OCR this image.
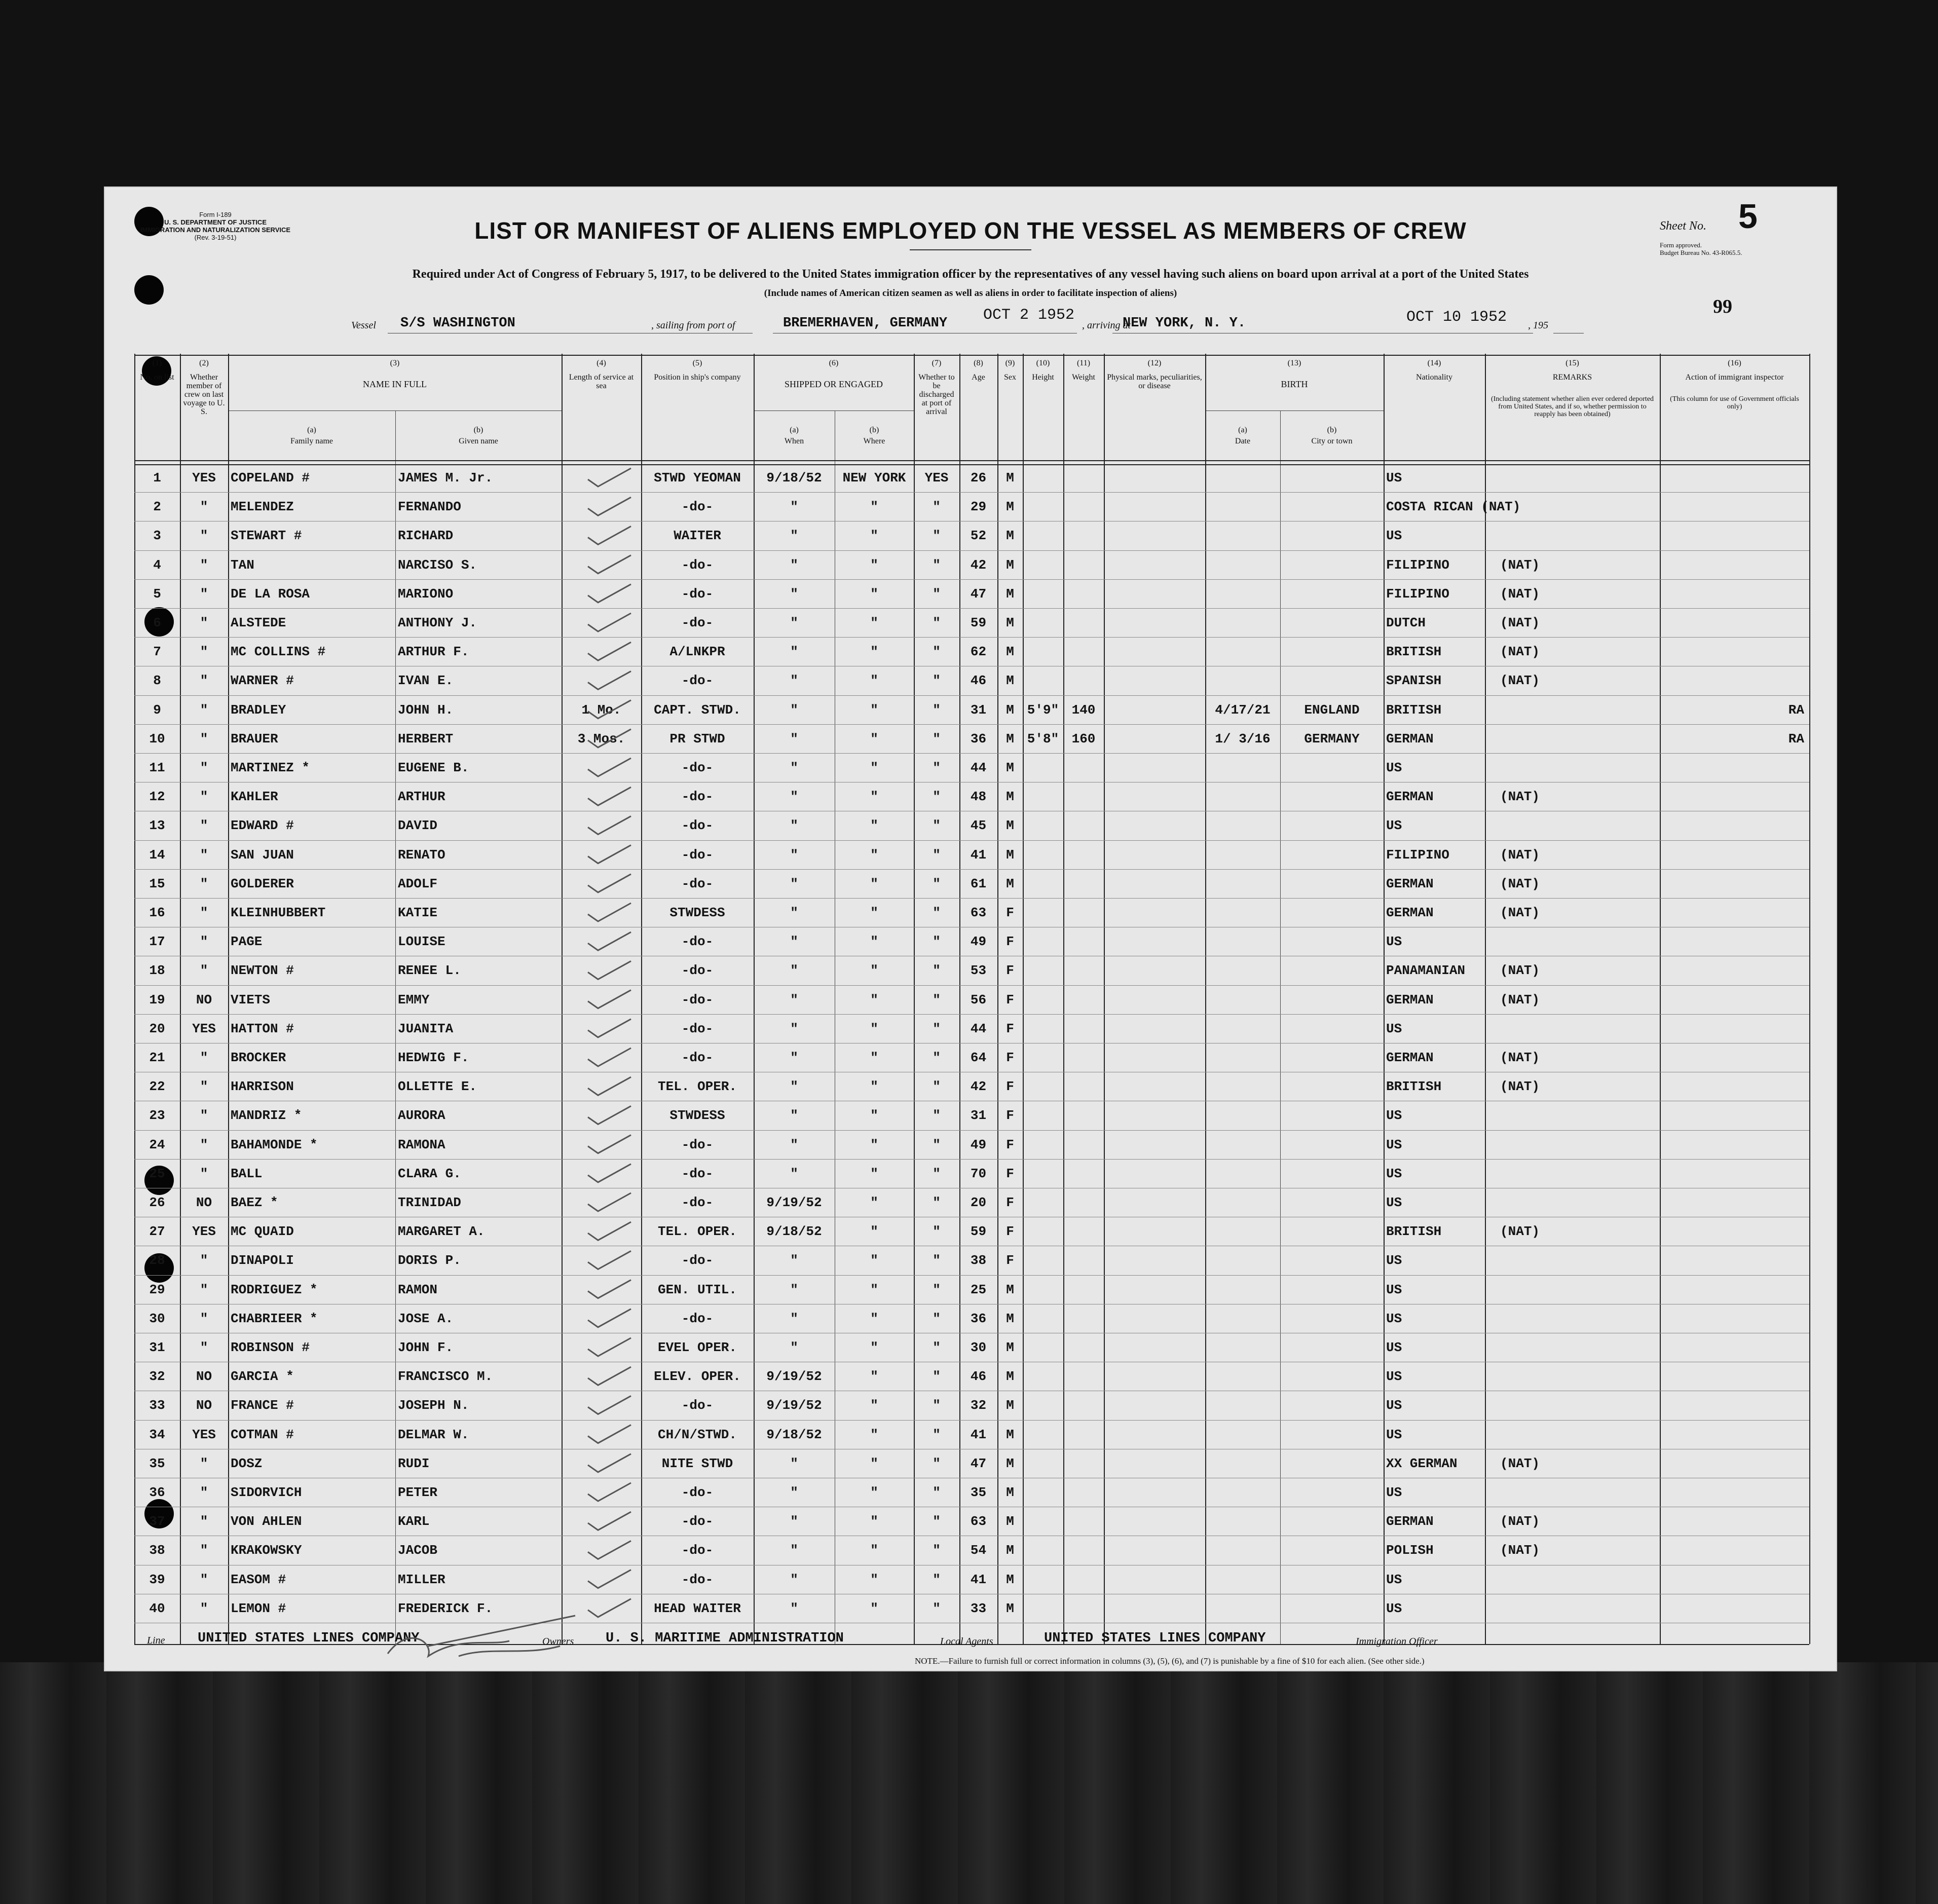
Form I-189
U. S. DEPARTMENT OF JUSTICE
IMMIGRATION AND NATURALIZATION SERVICE
(Rev. 3-19-51)	LIST OR MANIFEST OF ALIENS EMPLOYED ON THE VESSEL AS MEMBERS OF CREW
Required under Act of Congress of February 5, 1917, to be delivered to the United States immigration officer by the representatives of any vessel having such aliens on board upon arrival at a port of the United States
(Include names of American citizen seamen as well as aliens in order to facilitate inspection of aliens)
Sheet No. 5
Form approved.
Budget Bureau No. 43-R065.5.
99
Vessel S/S WASHINGTON	, sailing from port of	BREMERHAVEN, GERMANY OCT 2 1952
, arriving at
NEW YORK, N. Y.	OCT 10 1952 , 195
(1)
No. on list
(2)
Whether member of crew on last voyage to U. S.
(3)
NAME IN FULL
(a)
Family name
(b)
Given name
(4)
Length of service at sea
(5)
Position in ship's company
(6)
SHIPPED OR ENGAGED
(a)
When
(b)
Where
(7)
Whether to be discharged at port of arrival
(8)
Age
(9)
Sex
(10)
Height
(11)
Weight
(12)
Physical marks, peculiarities, or disease
(13)
BIRTH
(a)
Date
(b)
City or town
(14)
Nationality
(15)
REMARKS
(Including statement whether alien ever ordered deported from United States, and if so, whether permission to reapply has been obtained)
(16)
Action of immigrant inspector
(This column for use of Government officials only)
1	YES	COPELAND #	JAMES M. Jr.	STWD YEOMAN	9/18/52	NEW YORK	YES	26	M	US
2	"	MELENDEZ	FERNANDO	-do-	"	"	"	29	M	COSTA RICAN (NAT)
3	"	STEWART #	RICHARD	WAITER	"	"	"	52	M	US
4	"	TAN	NARCISO S.	-do-	"	"	"	42	M	FILIPINO	(NAT)
5	"	DE LA ROSA	MARIONO	-do-	"	"	"	47	M	FILIPINO	(NAT)
6	"	ALSTEDE	ANTHONY J.	-do-	"	"	"	59	M	DUTCH	(NAT)
7	"	MC COLLINS #	ARTHUR F.	A/LNKPR	"	"	"	62	M	BRITISH	(NAT)
8	"	WARNER #	IVAN E.	-do-	"	"	"	46	M	SPANISH	(NAT)
9	"	BRADLEY	JOHN H.	1 Mo.	CAPT. STWD.	"	"	"	31	M 5'9" 140	4/17/21	ENGLAND	BRITISH	RA
10	"	BRAUER	HERBERT	3 Mos.	PR STWD	"	"	"	36	M 5'8" 160	1/ 3/16	GERMANY	GERMAN	RA
11	"	MARTINEZ *	EUGENE B.	-do-	"	"	"	44	M	US
12	"	KAHLER	ARTHUR	-do-	"	"	"	48	M	GERMAN	(NAT)
13	"	EDWARD #	DAVID	-do-	"	"	"	45	M	US
14	"	SAN JUAN	RENATO	-do-	"	"	"	41	M	FILIPINO	(NAT)
15	"	GOLDERER	ADOLF	-do-	"	"	"	61	M	GERMAN	(NAT)
16	"	KLEINHUBBERT	KATIE	STWDESS	"	"	"	63	F	GERMAN	(NAT)
17	"	PAGE	LOUISE	-do-	"	"	"	49	F	US
18	"	NEWTON #	RENEE L.	-do-	"	"	"	53	F	PANAMANIAN	(NAT)
19	NO	VIETS	EMMY	-do-	"	"	"	56	F	GERMAN	(NAT)
20	YES	HATTON #	JUANITA	-do-	"	"	"	44	F	US
21	"	BROCKER	HEDWIG F.	-do-	"	"	"	64	F	GERMAN	(NAT)
22	"	HARRISON	OLLETTE E.	TEL. OPER.	"	"	"	42	F	BRITISH	(NAT)
23	"	MANDRIZ *	AURORA	STWDESS	"	"	"	31	F	US
24	"	BAHAMONDE *	RAMONA	-do-	"	"	"	49	F	US
25	"	BALL	CLARA G.	-do-	"	"	"	70	F	US
26	NO	BAEZ *	TRINIDAD	-do-	9/19/52	"	"	20	F	US
27	YES	MC QUAID	MARGARET A.	TEL. OPER.	9/18/52	"	"	59	F	BRITISH	(NAT)
28	"	DINAPOLI	DORIS P.	-do-	"	"	"	38	F	US
29	"	RODRIGUEZ *	RAMON	GEN. UTIL.	"	"	"	25	M	US
30	"	CHABRIEER *	JOSE A.	-do-	"	"	"	36	M	US
31	"	ROBINSON #	JOHN F.	EVEL OPER.	"	"	"	30	M	US
32	NO	GARCIA *	FRANCISCO M.	ELEV. OPER.	9/19/52	"	"	46	M	US
33	NO	FRANCE #	JOSEPH N.	-do-	9/19/52	"	"	32	M	US
34	YES	COTMAN #	DELMAR W.	CH/N/STWD.	9/18/52	"	"	41	M	US
35	"	DOSZ	RUDI	NITE STWD	"	"	"	47	M	XX GERMAN	(NAT)
36	"	SIDORVICH	PETER	-do-	"	"	"	35	M	US
37	"	VON AHLEN	KARL	-do-	"	"	"	63	M	GERMAN	(NAT)
38	"	KRAKOWSKY	JACOB	-do-	"	"	"	54	M	POLISH	(NAT)
39	"	EASOM #	MILLER	-do-	"	"	"	41	M	US
40	"	LEMON #	FREDERICK F.	HEAD WAITER	"	"	"	33	M	US
Line UNITED STATES LINES COMPANY	Owners U. S. MARITIME ADMINISTRATION	Local Agents	UNITED STATES LINES COMPANY	Immigration Officer
NOTE.—Failure to furnish full or correct information in columns (3), (5), (6), and (7) is punishable by a fine of $10 for each alien. (See other side.)
